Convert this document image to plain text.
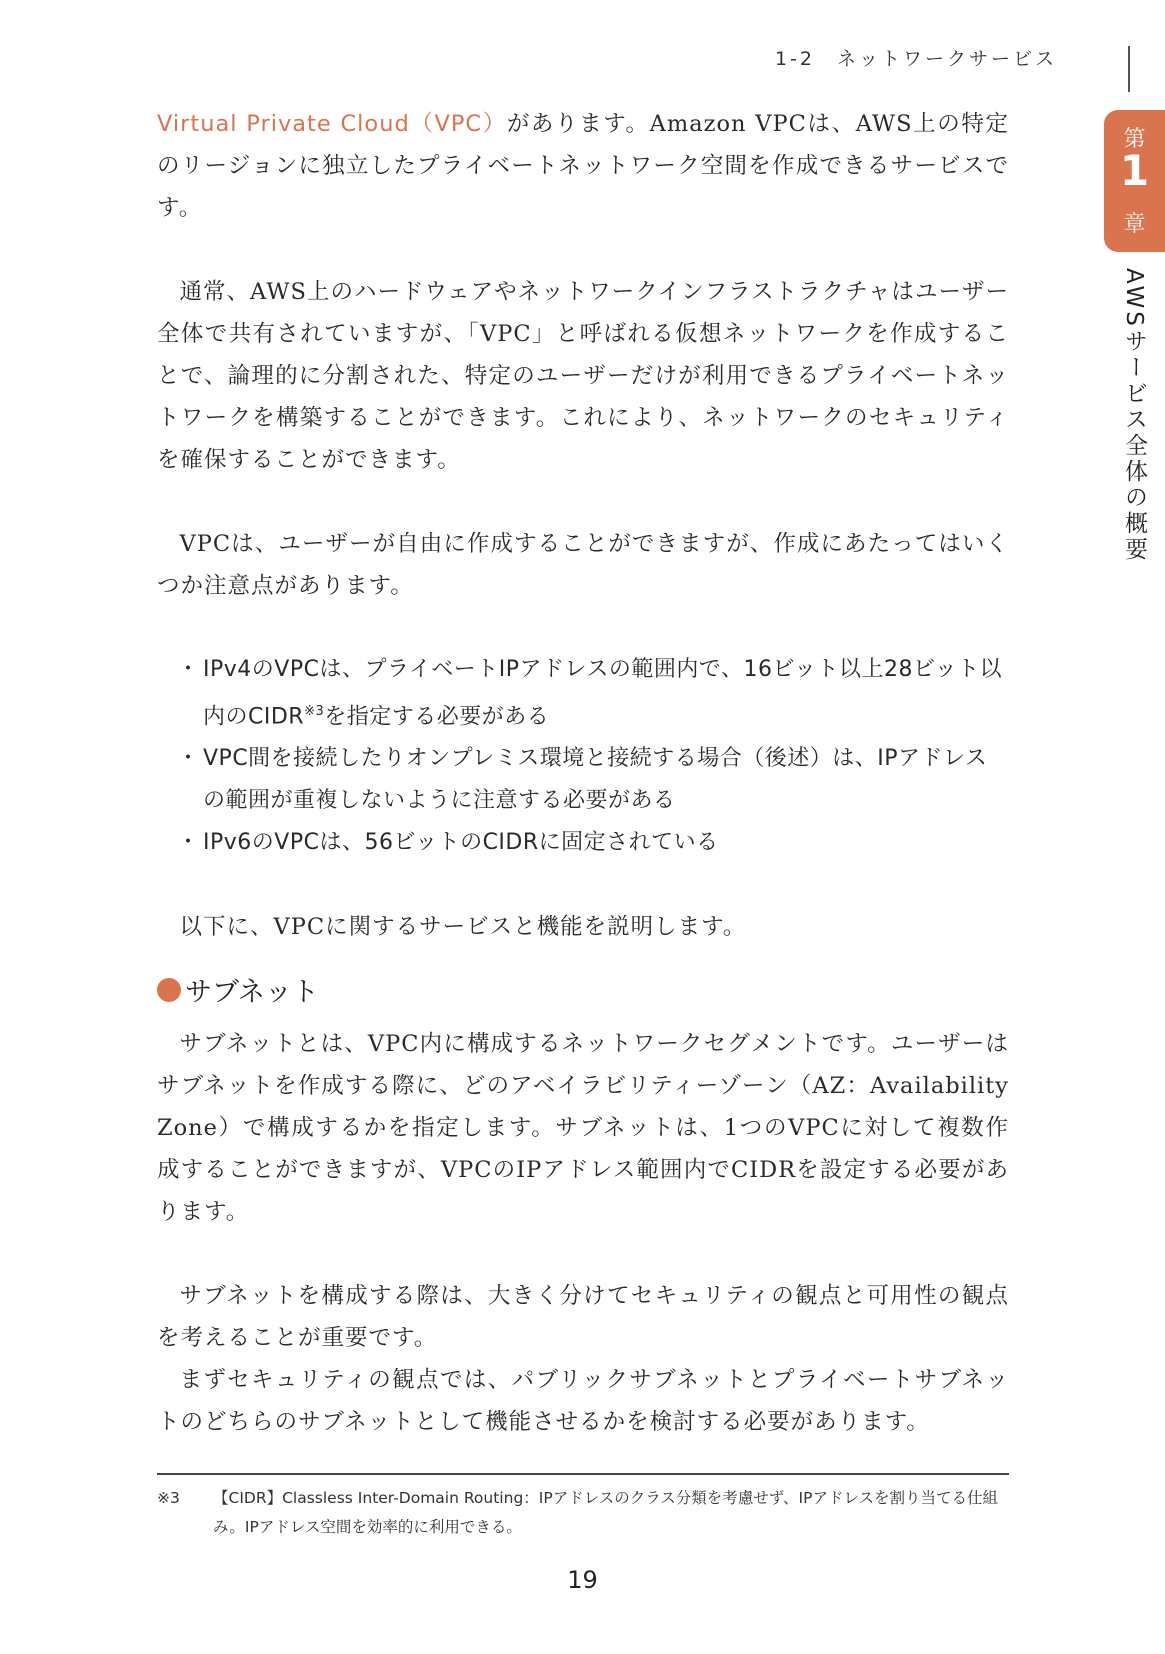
1-2　ネットワークサービス
第
1
章
AWSサービス全体の概要

Virtual Private Cloud（VPC）があります。Amazon VPCは、AWS上の特定のリージョンに独立したプライベートネットワーク空間を作成できるサービスです。

通常、AWS上のハードウェアやネットワークインフラストラクチャはユーザー全体で共有されていますが、「VPC」と呼ばれる仮想ネットワークを作成することで、論理的に分割された、特定のユーザーだけが利用できるプライベートネットワークを構築することができます。これにより、ネットワークのセキュリティを確保することができます。

VPCは、ユーザーが自由に作成することができますが、作成にあたってはいくつか注意点があります。

・ IPv4のVPCは、プライベートIPアドレスの範囲内で、16ビット以上28ビット以内のCIDR$^{※3}$を指定する必要がある
・ VPC間を接続したりオンプレミス環境と接続する場合（後述）は、IPアドレスの範囲が重複しないように注意する必要がある
・ IPv6のVPCは、56ビットのCIDRに固定されている

以下に、VPCに関するサービスと機能を説明します。

サブネット

サブネットとは、VPC内に構成するネットワークセグメントです。ユーザーはサブネットを作成する際に、どのアベイラビリティーゾーン（AZ：Availability Zone）で構成するかを指定します。サブネットは、1つのVPCに対して複数作成することができますが、VPCのIPアドレス範囲内でCIDRを設定する必要があります。

サブネットを構成する際は、大きく分けてセキュリティの観点と可用性の観点を考えることが重要です。

まずセキュリティの観点では、パブリックサブネットとプライベートサブネットのどちらのサブネットとして機能させるかを検討する必要があります。

※3	【CIDR】Classless Inter-Domain Routing：IPアドレスのクラス分類を考慮せず、IPアドレスを割り当てる仕組み。IPアドレス空間を効率的に利用できる。
19
